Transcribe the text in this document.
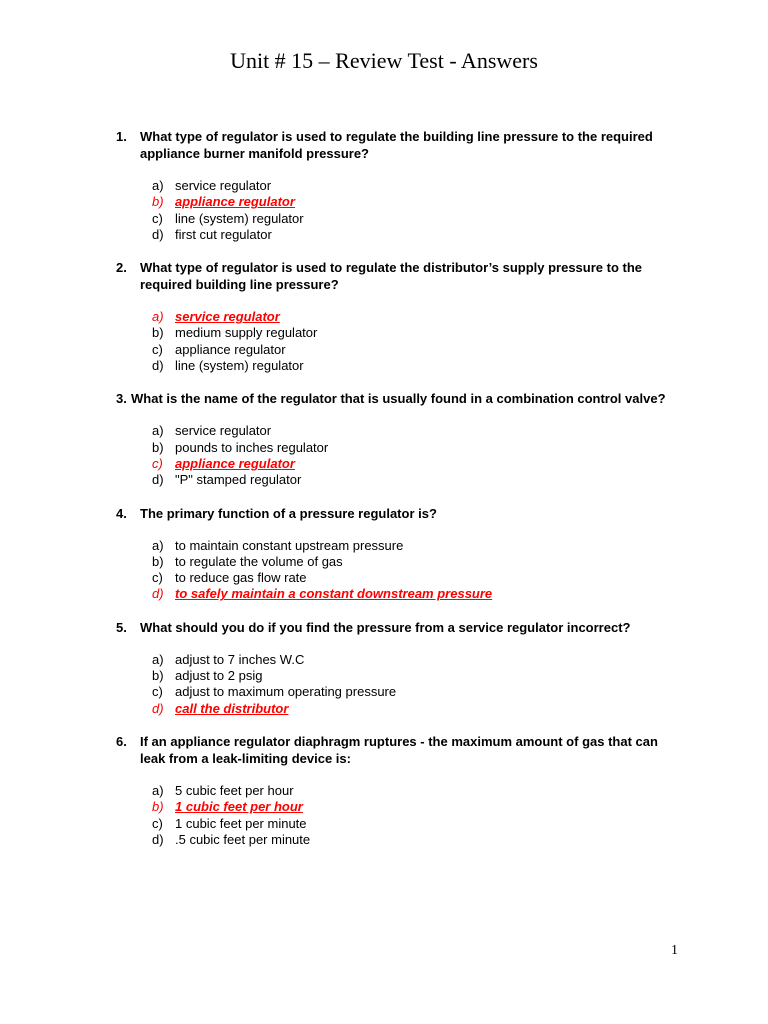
Unit # 15 – Review Test - Answers
1.	What type of regulator is used to regulate the building line pressure to the required appliance burner manifold pressure?
a) service regulator
b) appliance regulator
c) line (system) regulator
d) first cut regulator
2.	What type of regulator is used to regulate the distributor’s supply pressure to the required building line pressure?
a) service regulator
b) medium supply regulator
c) appliance regulator
d) line (system) regulator
3. What is the name of the regulator that is usually found in a combination control valve?
a) service regulator
b) pounds to inches regulator
c) appliance regulator
d) "P" stamped regulator
4.	The primary function of a pressure regulator is?
a) to maintain constant upstream pressure
b) to regulate the volume of gas
c) to reduce gas flow rate
d) to safely maintain a constant downstream pressure
5.	What should you do if you find the pressure from a service regulator incorrect?
a) adjust to 7 inches W.C
b) adjust to 2 psig
c) adjust to maximum operating pressure
d) call the distributor
6.	If an appliance regulator diaphragm ruptures - the maximum amount of gas that can leak from a leak-limiting device is:
a) 5 cubic feet per hour
b) 1 cubic feet per hour
c) 1 cubic feet per minute
d) .5 cubic feet per minute
1
